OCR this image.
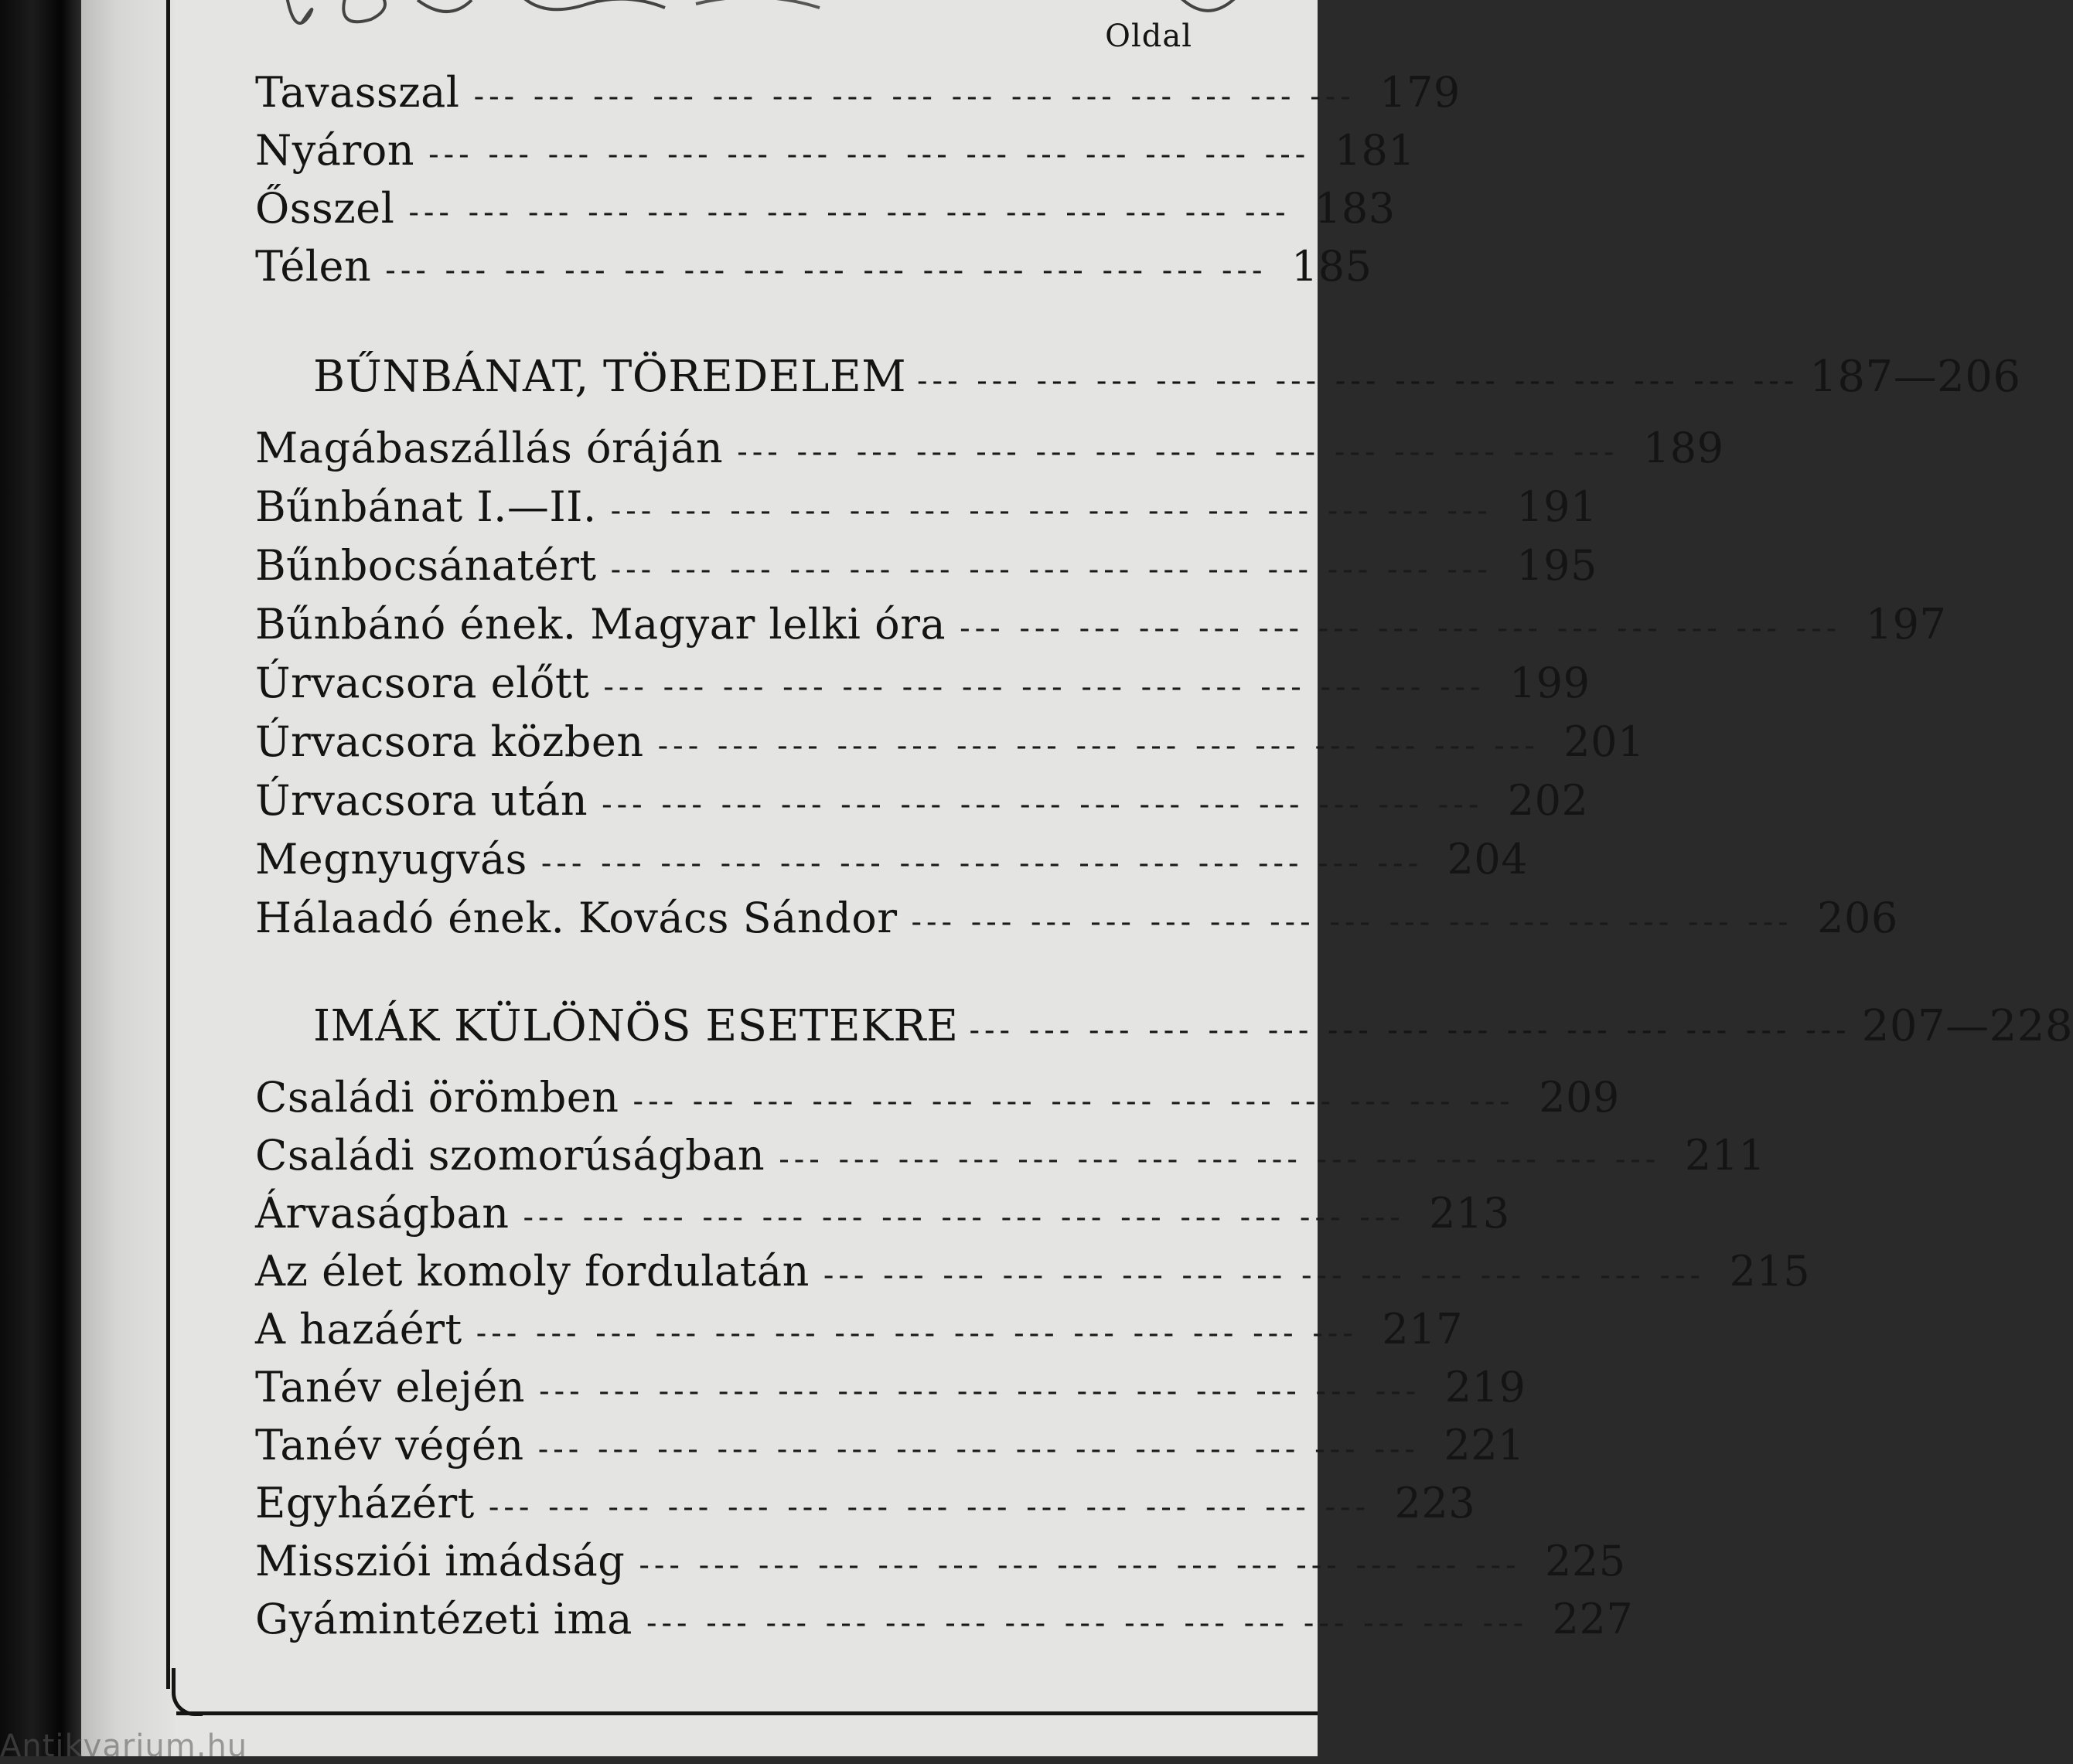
Oldal
Tavasszal --- --- --- --- --- --- --- --- --- --- --- --- --- --- --- 179
Nyáron --- --- --- --- --- --- --- --- --- --- --- --- --- --- --- 181
Ősszel --- --- --- --- --- --- --- --- --- --- --- --- --- --- --- 183
Télen --- --- --- --- --- --- --- --- --- --- --- --- --- --- --- 185
BŰNBÁNAT, TÖREDELEM --- --- --- --- --- --- --- --- --- --- --- --- --- --- --- 187—206
Magábaszállás óráján --- --- --- --- --- --- --- --- --- --- --- --- --- --- --- 189
Bűnbánat I.—II. --- --- --- --- --- --- --- --- --- --- --- --- --- --- --- 191
Bűnbocsánatért --- --- --- --- --- --- --- --- --- --- --- --- --- --- --- 195
Bűnbánó ének. Magyar lelki óra --- --- --- --- --- --- --- --- --- --- --- --- --- --- --- 197
Úrvacsora előtt --- --- --- --- --- --- --- --- --- --- --- --- --- --- --- 199
Úrvacsora közben --- --- --- --- --- --- --- --- --- --- --- --- --- --- --- 201
Úrvacsora után --- --- --- --- --- --- --- --- --- --- --- --- --- --- --- 202
Megnyugvás --- --- --- --- --- --- --- --- --- --- --- --- --- --- --- 204
Hálaadó ének. Kovács Sándor --- --- --- --- --- --- --- --- --- --- --- --- --- --- --- 206
IMÁK KÜLÖNÖS ESETEKRE --- --- --- --- --- --- --- --- --- --- --- --- --- --- --- 207—228
Családi örömben --- --- --- --- --- --- --- --- --- --- --- --- --- --- --- 209
Családi szomorúságban --- --- --- --- --- --- --- --- --- --- --- --- --- --- --- 211
Árvaságban --- --- --- --- --- --- --- --- --- --- --- --- --- --- --- 213
Az élet komoly fordulatán --- --- --- --- --- --- --- --- --- --- --- --- --- --- --- 215
A hazáért --- --- --- --- --- --- --- --- --- --- --- --- --- --- --- 217
Tanév elején --- --- --- --- --- --- --- --- --- --- --- --- --- --- --- 219
Tanév végén --- --- --- --- --- --- --- --- --- --- --- --- --- --- --- 221
Egyházért --- --- --- --- --- --- --- --- --- --- --- --- --- --- --- 223
Missziói imádság --- --- --- --- --- --- --- --- --- --- --- --- --- --- --- 225
Gyámintézeti ima --- --- --- --- --- --- --- --- --- --- --- --- --- --- --- 227
Antikvarium.hu
